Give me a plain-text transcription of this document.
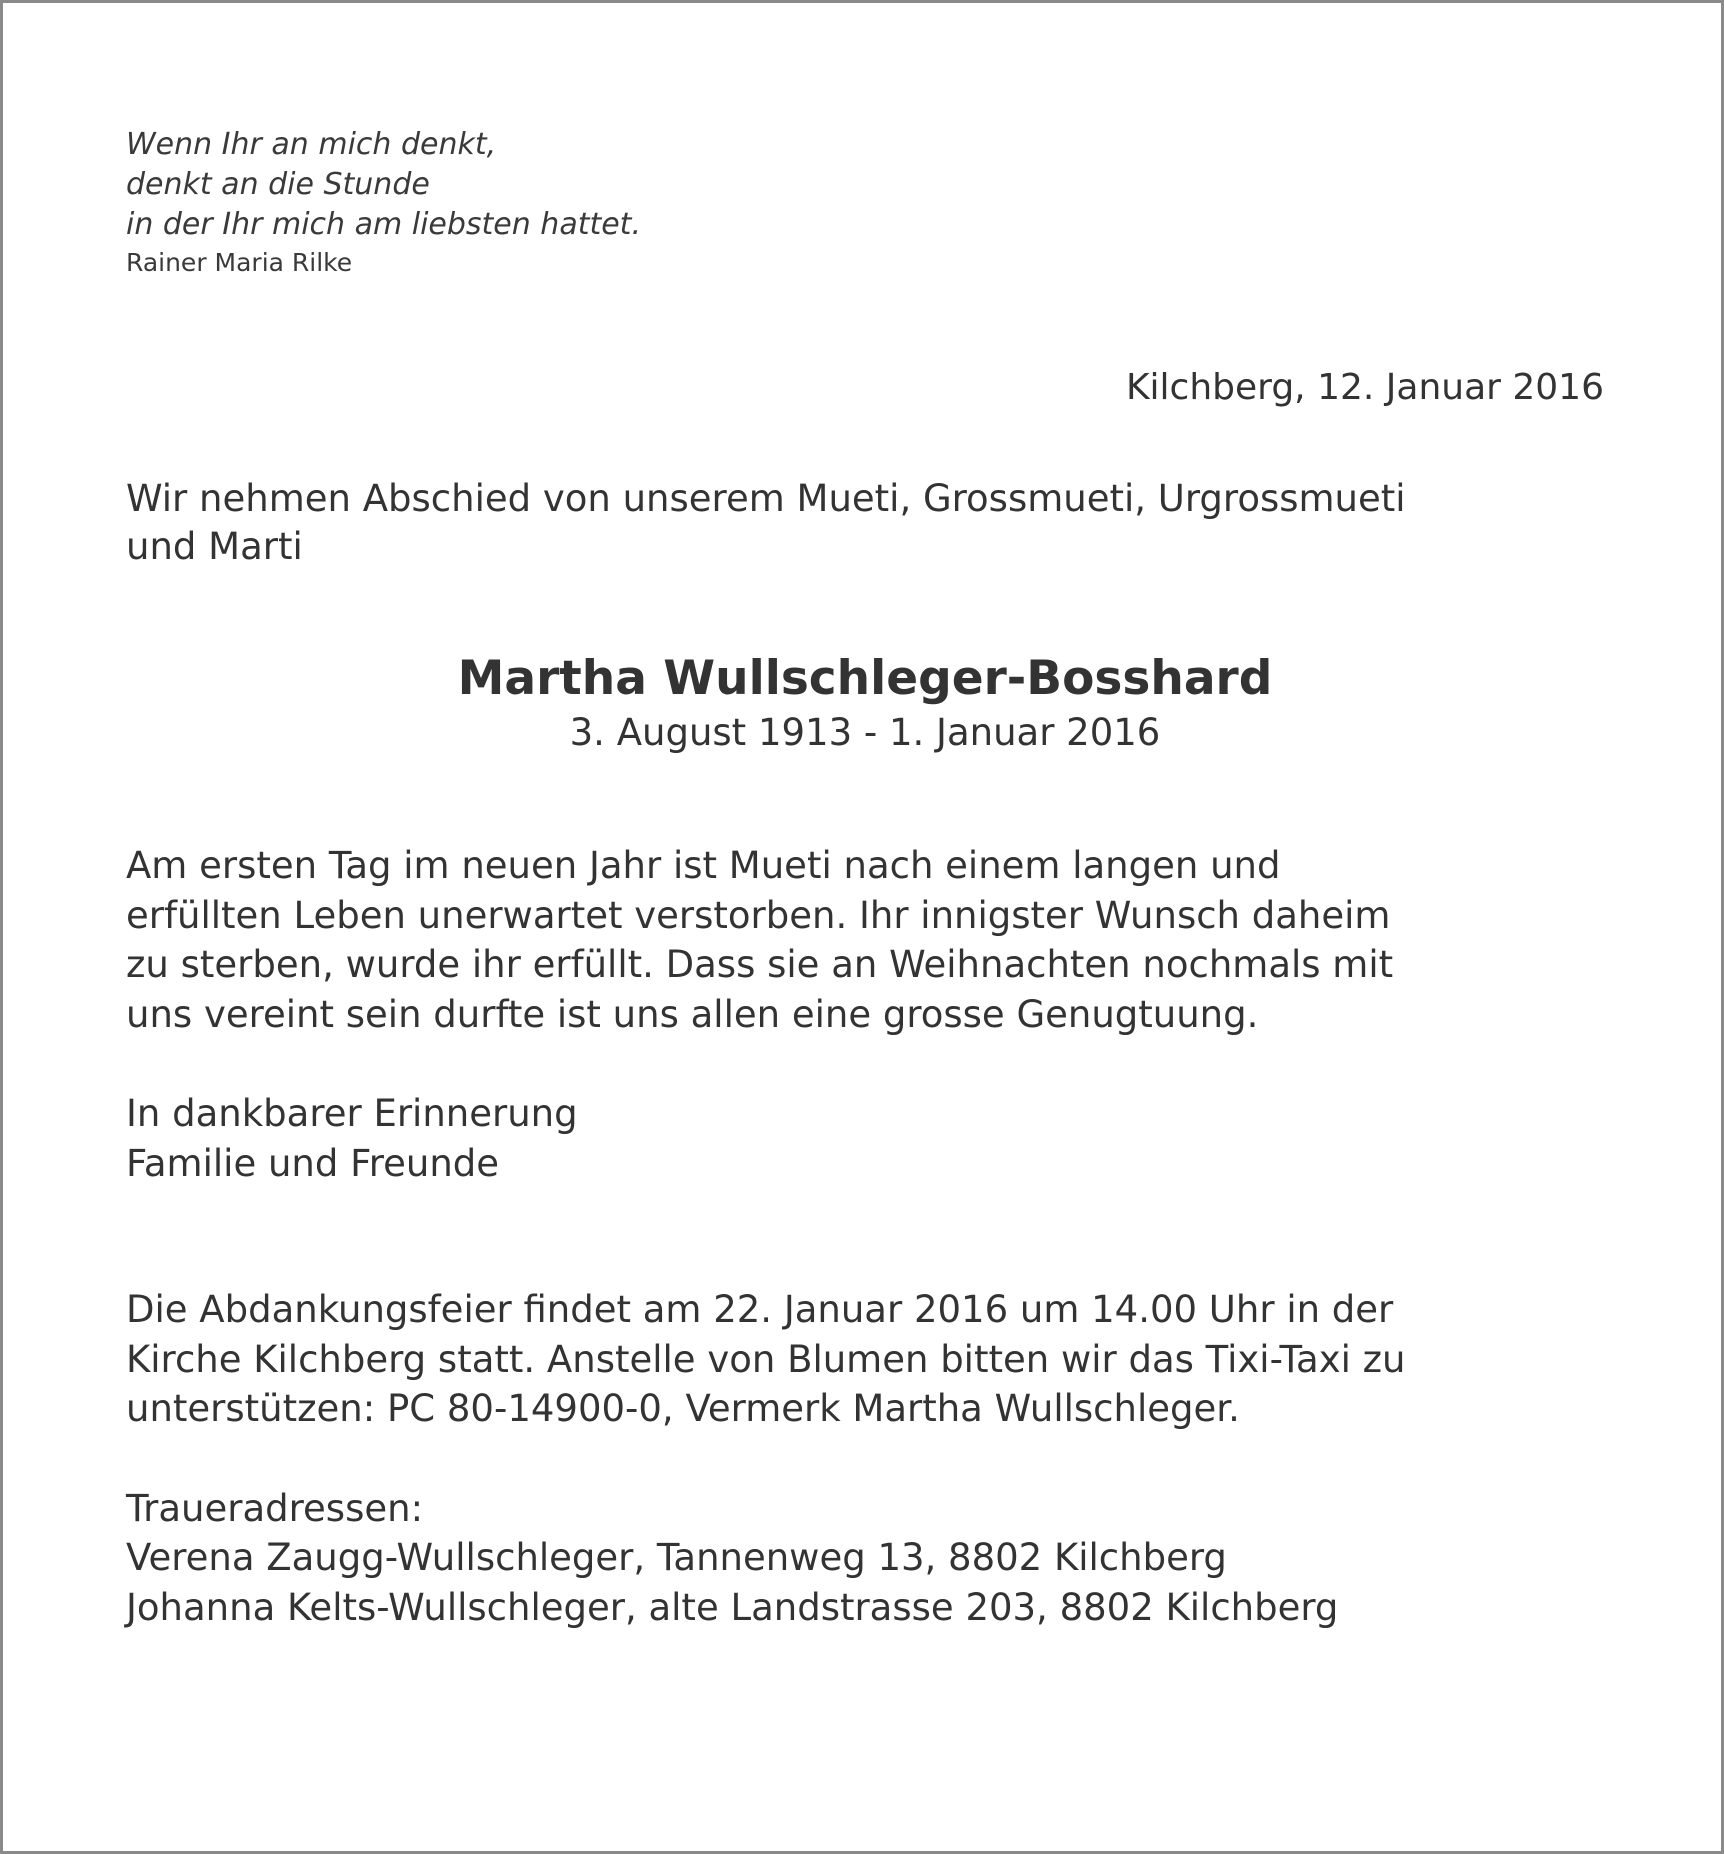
Wenn Ihr an mich denkt,
denkt an die Stunde
in der Ihr mich am liebsten hattet.
Rainer Maria Rilke
Kilchberg, 12. Januar 2016
Wir nehmen Abschied von unserem Mueti, Grossmueti, Urgrossmueti
und Marti
Martha Wullschleger-Bosshard
3. August 1913 - 1. Januar 2016
Am ersten Tag im neuen Jahr ist Mueti nach einem langen und
erfüllten Leben unerwartet verstorben. Ihr innigster Wunsch daheim
zu sterben, wurde ihr erfüllt. Dass sie an Weihnachten nochmals mit
uns vereint sein durfte ist uns allen eine grosse Genugtuung.
In dankbarer Erinnerung
Familie und Freunde
Die Abdankungsfeier findet am 22. Januar 2016 um 14.00 Uhr in der
Kirche Kilchberg statt. Anstelle von Blumen bitten wir das Tixi-Taxi zu
unterstützen: PC 80-14900-0, Vermerk Martha Wullschleger.
Traueradressen:
Verena Zaugg-Wullschleger, Tannenweg 13, 8802 Kilchberg
Johanna Kelts-Wullschleger, alte Landstrasse 203, 8802 Kilchberg
